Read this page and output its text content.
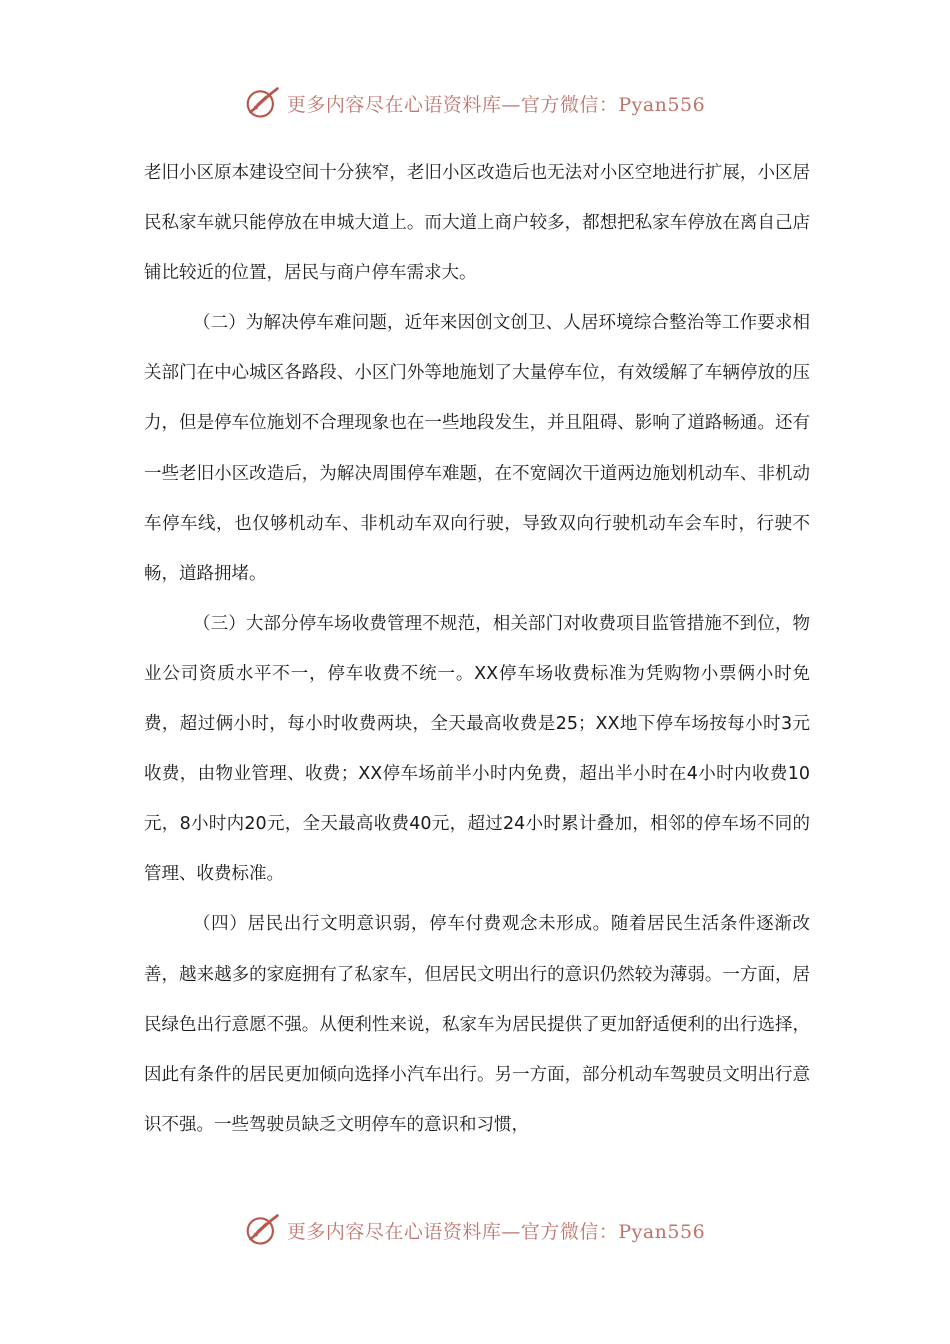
更多内容尽在心语资料库—官方微信：Pyan556

老旧小区原本建设空间十分狭窄，老旧小区改造后也无法对小区空地进行扩展，小区居民私家车就只能停放在申城大道上。而大道上商户较多，都想把私家车停放在离自己店铺比较近的位置，居民与商户停车需求大。

（二）为解决停车难问题，近年来因创文创卫、人居环境综合整治等工作要求相关部门在中心城区各路段、小区门外等地施划了大量停车位，有效缓解了车辆停放的压力，但是停车位施划不合理现象也在一些地段发生，并且阻碍、影响了道路畅通。还有一些老旧小区改造后，为解决周围停车难题，在不宽阔次干道两边施划机动车、非机动车停车线，也仅够机动车、非机动车双向行驶，导致双向行驶机动车会车时，行驶不畅，道路拥堵。

（三）大部分停车场收费管理不规范，相关部门对收费项目监管措施不到位，物业公司资质水平不一，停车收费不统一。XX停车场收费标准为凭购物小票俩小时免费，超过俩小时，每小时收费两块，全天最高收费是25；XX地下停车场按每小时3元收费，由物业管理、收费；XX停车场前半小时内免费，超出半小时在4小时内收费10元，8小时内20元，全天最高收费40元，超过24小时累计叠加，相邻的停车场不同的管理、收费标准。

（四）居民出行文明意识弱，停车付费观念未形成。随着居民生活条件逐渐改善，越来越多的家庭拥有了私家车，但居民文明出行的意识仍然较为薄弱。一方面，居民绿色出行意愿不强。从便利性来说，私家车为居民提供了更加舒适便利的出行选择，因此有条件的居民更加倾向选择小汽车出行。另一方面，部分机动车驾驶员文明出行意识不强。一些驾驶员缺乏文明停车的意识和习惯，

更多内容尽在心语资料库—官方微信：Pyan556
